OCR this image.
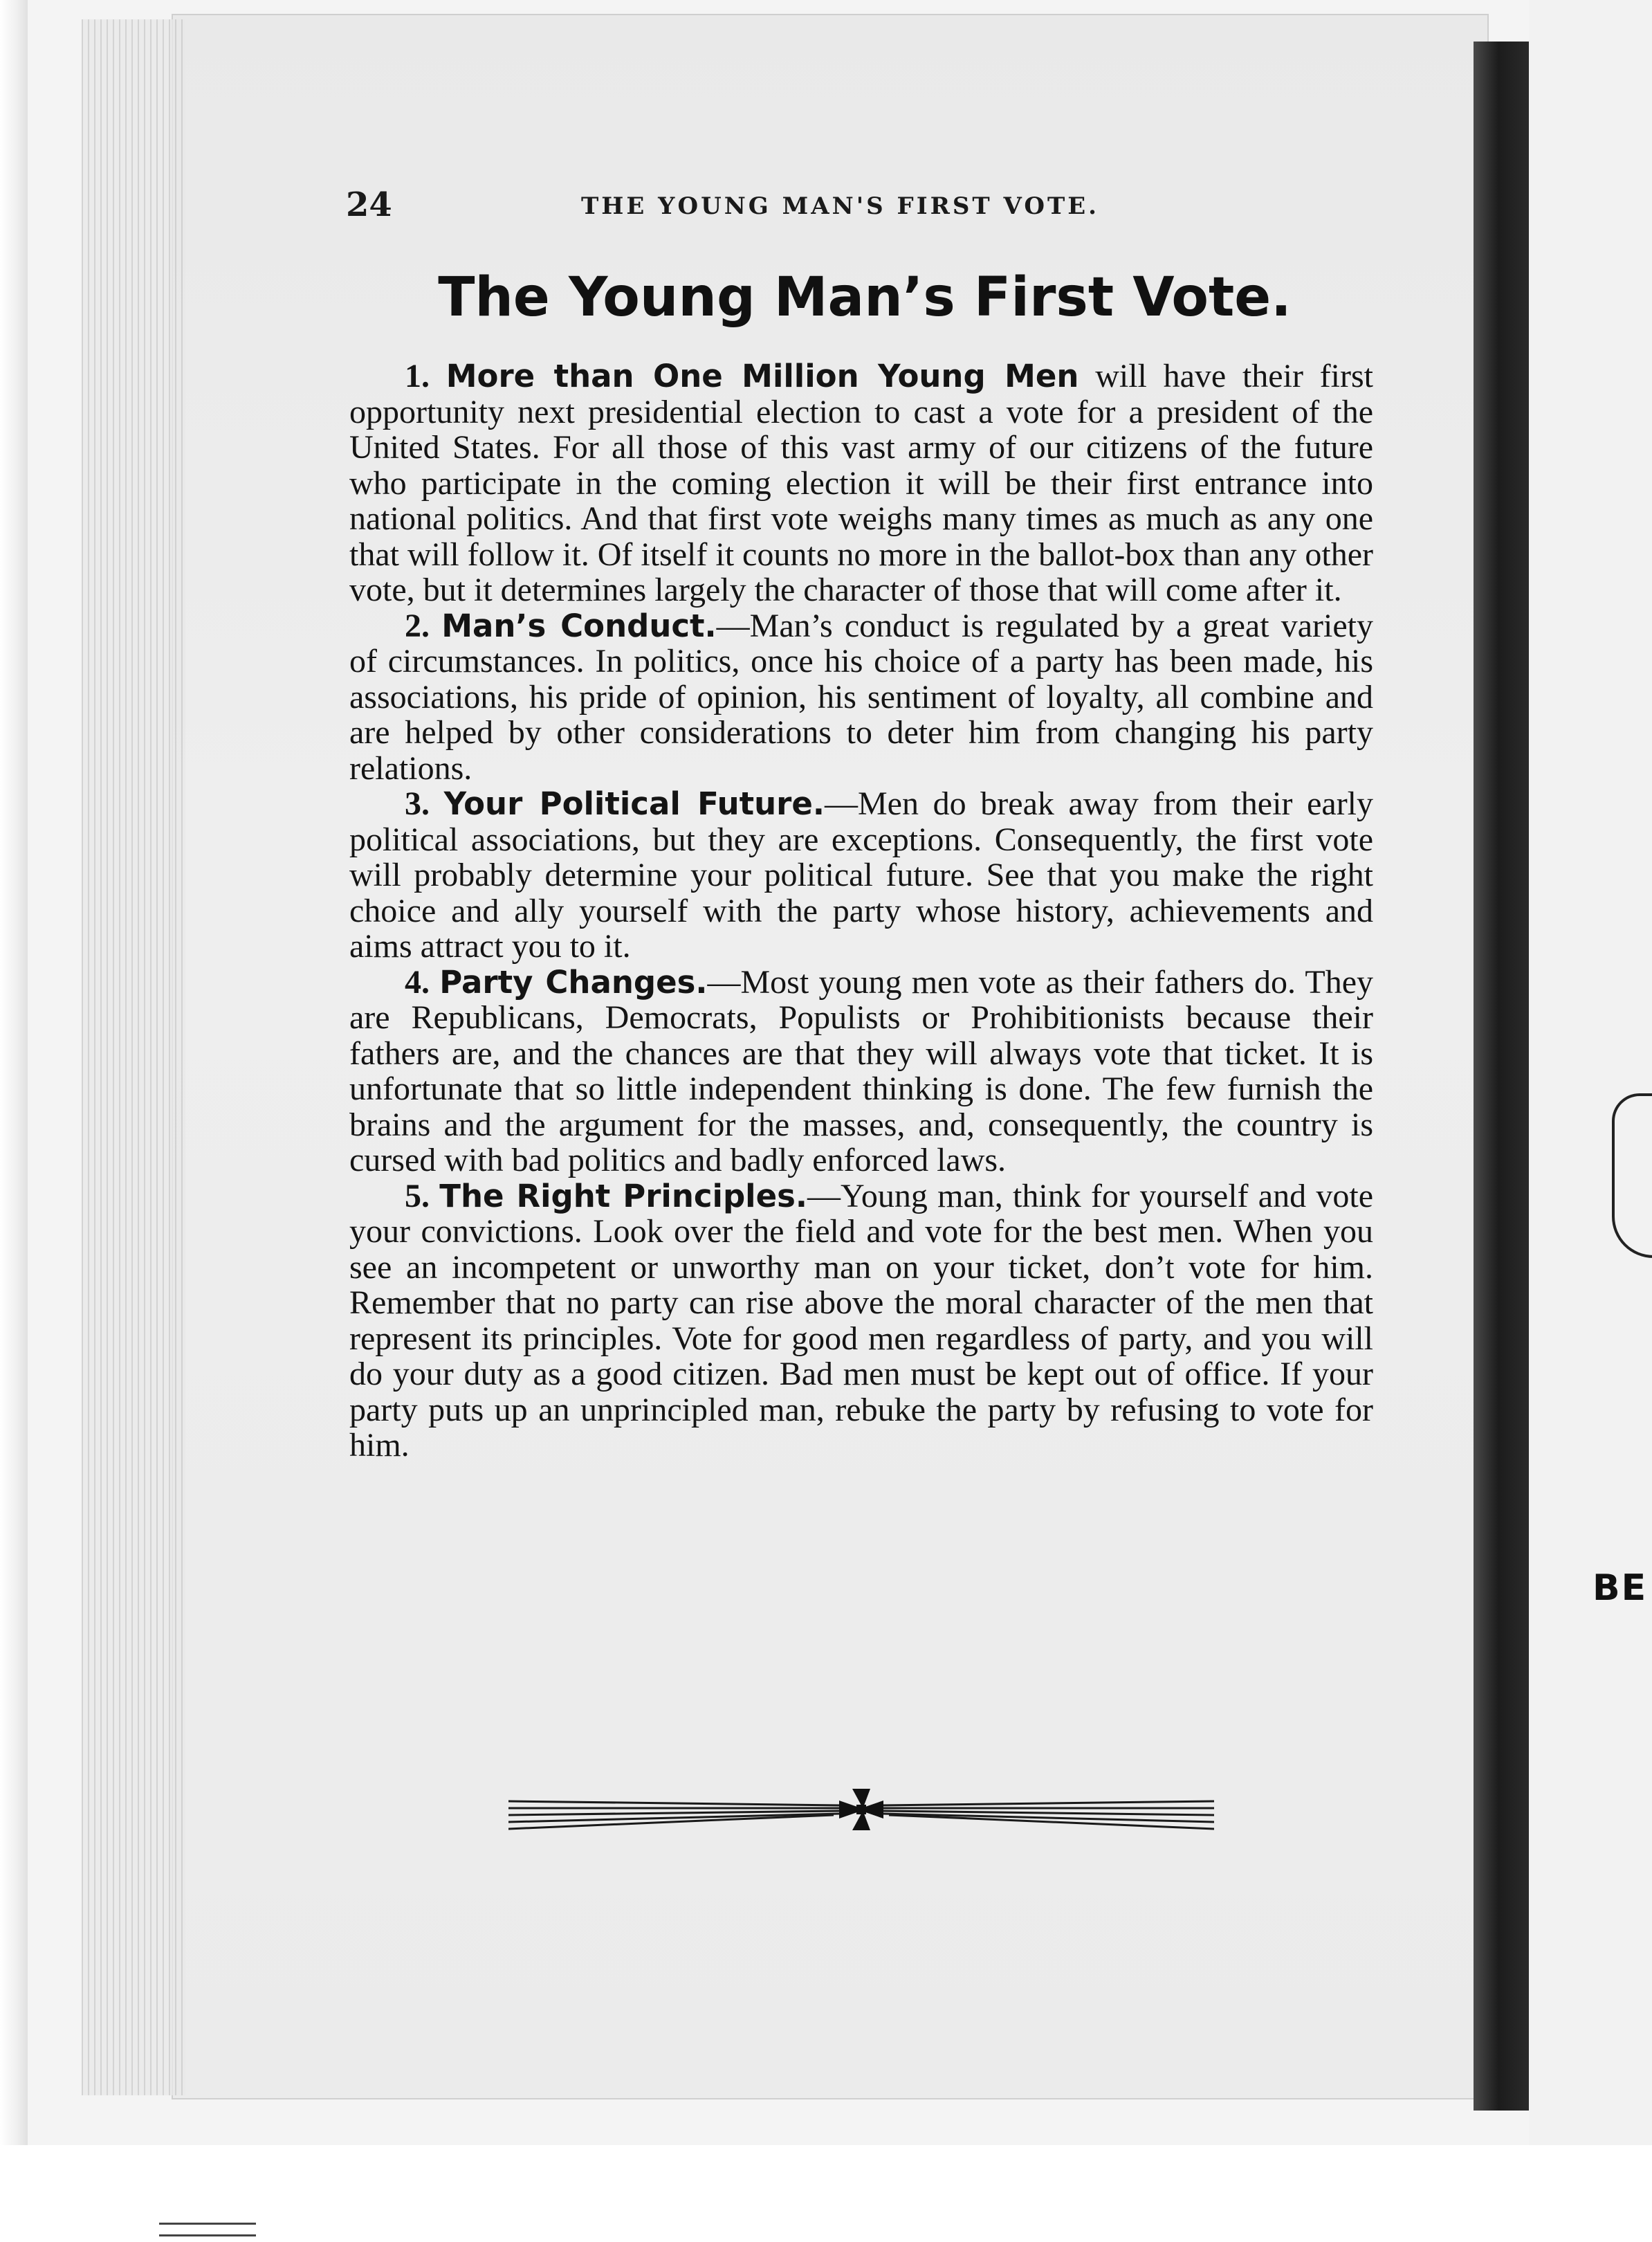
BE
24	THE YOUNG MAN'S FIRST VOTE.
The Young Man’s First Vote.

1. More than One Million Young Men will have their first opportunity next presidential election to cast a vote for a president of the United States. For all those of this vast army of our citizens of the future who participate in the coming election it will be their first entrance into national politics. And that first vote weighs many times as much as any one that will follow it. Of itself it counts no more in the ballot-box than any other vote, but it determines largely the character of those that will come after it.

2. Man’s Conduct.—Man’s conduct is regulated by a great variety of circumstances. In politics, once his choice of a party has been made, his associations, his pride of opinion, his sentiment of loyalty, all combine and are helped by other considerations to deter him from changing his party relations.

3. Your Political Future.—Men do break away from their early political associations, but they are exceptions. Consequently, the first vote will probably determine your political future. See that you make the right choice and ally yourself with the party whose history, achievements and aims attract you to it.

4. Party Changes.—Most young men vote as their fathers do. They are Republicans, Democrats, Populists or Prohibitionists because their fathers are, and the chances are that they will always vote that ticket. It is unfortunate that so little independent thinking is done. The few furnish the brains and the argument for the masses, and, consequently, the country is cursed with bad politics and badly enforced laws.

5. The Right Principles.—Young man, think for yourself and vote your convictions. Look over the field and vote for the best men. When you see an incompetent or unworthy man on your ticket, don’t vote for him. Remember that no party can rise above the moral character of the men that represent its principles. Vote for good men regardless of party, and you will do your duty as a good citizen. Bad men must be kept out of office. If your party puts up an unprincipled man, rebuke the party by refusing to vote for him.
